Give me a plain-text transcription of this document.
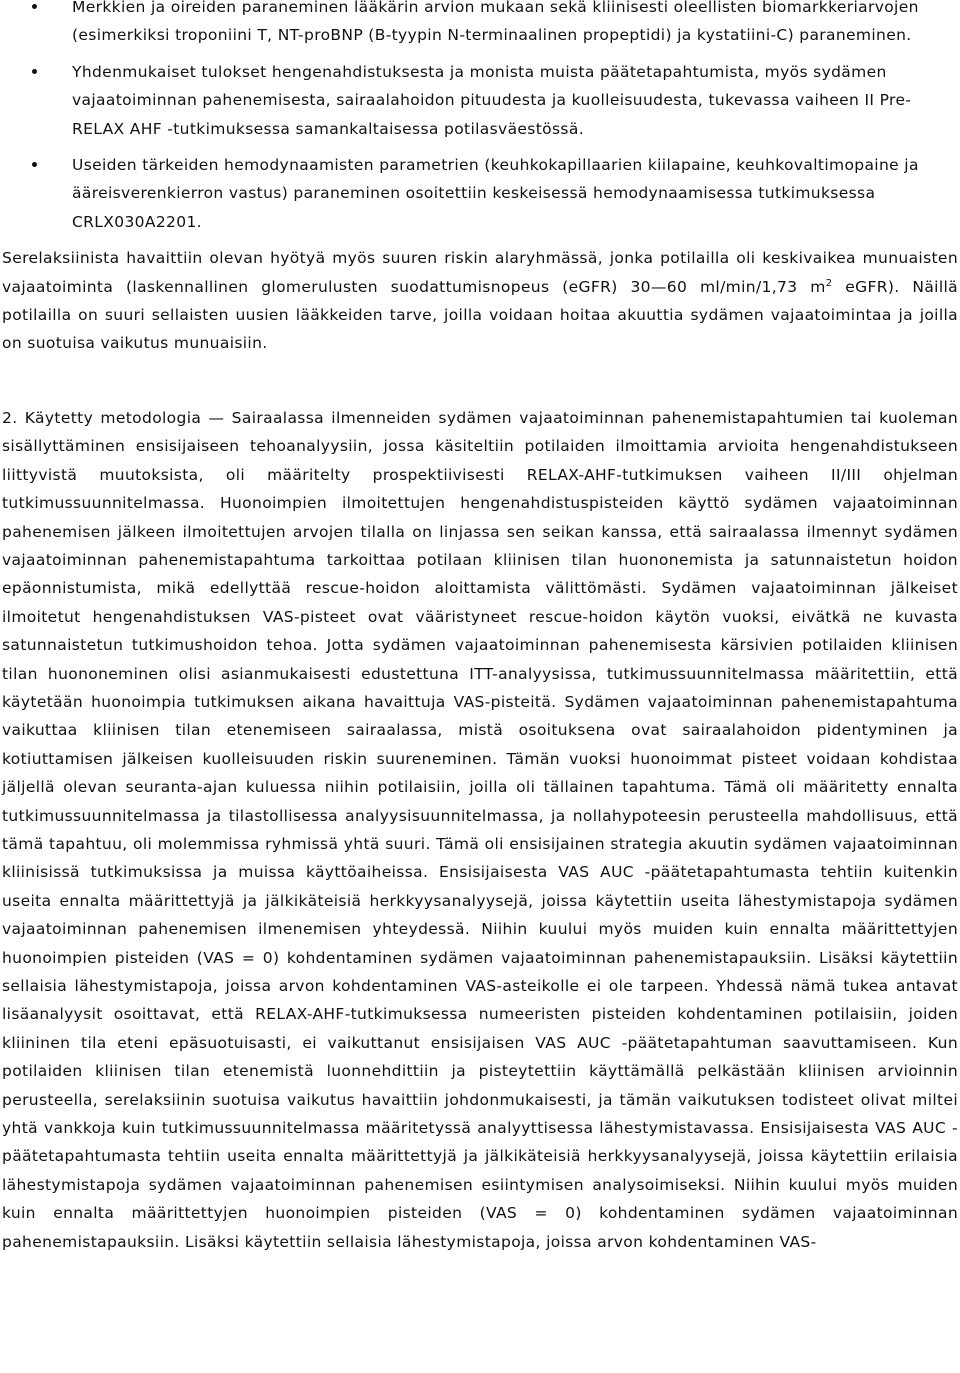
Merkkien ja oireiden paraneminen lääkärin arvion mukaan sekä kliinisesti oleellisten biomarkkeriarvojen (esimerkiksi troponiini T, NT-proBNP (B-tyypin N-terminaalinen propeptidi) ja kystatiini-C) paraneminen.
Yhdenmukaiset tulokset hengenahdistuksesta ja monista muista päätetapahtumista, myös sydämen vajaatoiminnan pahenemisesta, sairaalahoidon pituudesta ja kuolleisuudesta, tukevassa vaiheen II Pre-RELAX AHF -tutkimuksessa samankaltaisessa potilasväestössä.
Useiden tärkeiden hemodynaamisten parametrien (keuhkokapillaarien kiilapaine, keuhkovaltimopaine ja ääreisverenkierron vastus) paraneminen osoitettiin keskeisessä hemodynaamisessa tutkimuksessa CRLX030A2201.

Serelaksiinista havaittiin olevan hyötyä myös suuren riskin alaryhmässä, jonka potilailla oli keskivaikea munuaisten vajaatoiminta (laskennallinen glomerulusten suodattumisnopeus (eGFR) 30—60 ml/min/1,73 $m^2$ eGFR). Näillä potilailla on suuri sellaisten uusien lääkkeiden tarve, joilla voidaan hoitaa akuuttia sydämen vajaatoimintaa ja joilla on suotuisa vaikutus munuaisiin.

2. Käytetty metodologia — Sairaalassa ilmenneiden sydämen vajaatoiminnan pahenemistapahtumien tai kuoleman sisällyttäminen ensisijaiseen tehoanalyysiin, jossa käsiteltiin potilaiden ilmoittamia arvioita hengenahdistukseen liittyvistä muutoksista, oli määritelty prospektiivisesti RELAX-AHF-tutkimuksen vaiheen II/III ohjelman tutkimussuunnitelmassa. Huonoimpien ilmoitettujen hengenahdistuspisteiden käyttö sydämen vajaatoiminnan pahenemisen jälkeen ilmoitettujen arvojen tilalla on linjassa sen seikan kanssa, että sairaalassa ilmennyt sydämen vajaatoiminnan pahenemistapahtuma tarkoittaa potilaan kliinisen tilan huononemista ja satunnaistetun hoidon epäonnistumista, mikä edellyttää rescue-hoidon aloittamista välittömästi. Sydämen vajaatoiminnan jälkeiset ilmoitetut hengenahdistuksen VAS-pisteet ovat vääristyneet rescue-hoidon käytön vuoksi, eivätkä ne kuvasta satunnaistetun tutkimushoidon tehoa. Jotta sydämen vajaatoiminnan pahenemisesta kärsivien potilaiden kliinisen tilan huononeminen olisi asianmukaisesti edustettuna ITT-analyysissa, tutkimussuunnitelmassa määritettiin, että käytetään huonoimpia tutkimuksen aikana havaittuja VAS-pisteitä. Sydämen vajaatoiminnan pahenemistapahtuma vaikuttaa kliinisen tilan etenemiseen sairaalassa, mistä osoituksena ovat sairaalahoidon pidentyminen ja kotiuttamisen jälkeisen kuolleisuuden riskin suureneminen. Tämän vuoksi huonoimmat pisteet voidaan kohdistaa jäljellä olevan seuranta-ajan kuluessa niihin potilaisiin, joilla oli tällainen tapahtuma. Tämä oli määritetty ennalta tutkimussuunnitelmassa ja tilastollisessa analyysisuunnitelmassa, ja nollahypoteesin perusteella mahdollisuus, että tämä tapahtuu, oli molemmissa ryhmissä yhtä suuri. Tämä oli ensisijainen strategia akuutin sydämen vajaatoiminnan kliinisissä tutkimuksissa ja muissa käyttöaiheissa. Ensisijaisesta VAS AUC -päätetapahtumasta tehtiin kuitenkin useita ennalta määrittettyjä ja jälkikäteisiä herkkyysanalyysejä, joissa käytettiin useita lähestymistapoja sydämen vajaatoiminnan pahenemisen ilmenemisen yhteydessä. Niihin kuului myös muiden kuin ennalta määrittettyjen huonoimpien pisteiden (VAS = 0) kohdentaminen sydämen vajaatoiminnan pahenemistapauksiin. Lisäksi käytettiin sellaisia lähestymistapoja, joissa arvon kohdentaminen VAS-asteikolle ei ole tarpeen. Yhdessä nämä tukea antavat lisäanalyysit osoittavat, että RELAX-AHF-tutkimuksessa numeeristen pisteiden kohdentaminen potilaisiin, joiden kliininen tila eteni epäsuotuisasti, ei vaikuttanut ensisijaisen VAS AUC -päätetapahtuman saavuttamiseen. Kun potilaiden kliinisen tilan etenemistä luonnehdittiin ja pisteytettiin käyttämällä pelkästään kliinisen arvioinnin perusteella, serelaksiinin suotuisa vaikutus havaittiin johdonmukaisesti, ja tämän vaikutuksen todisteet olivat miltei yhtä vankkoja kuin tutkimussuunnitelmassa määritetyssä analyyttisessa lähestymistavassa. Ensisijaisesta VAS AUC -päätetapahtumasta tehtiin useita ennalta määrittettyjä ja jälkikäteisiä herkkyysanalyysejä, joissa käytettiin erilaisia lähestymistapoja sydämen vajaatoiminnan pahenemisen esiintymisen analysoimiseksi. Niihin kuului myös muiden kuin ennalta määrittettyjen huonoimpien pisteiden (VAS = 0) kohdentaminen sydämen vajaatoiminnan pahenemistapauksiin. Lisäksi käytettiin sellaisia lähestymistapoja, joissa arvon kohdentaminen VAS-
